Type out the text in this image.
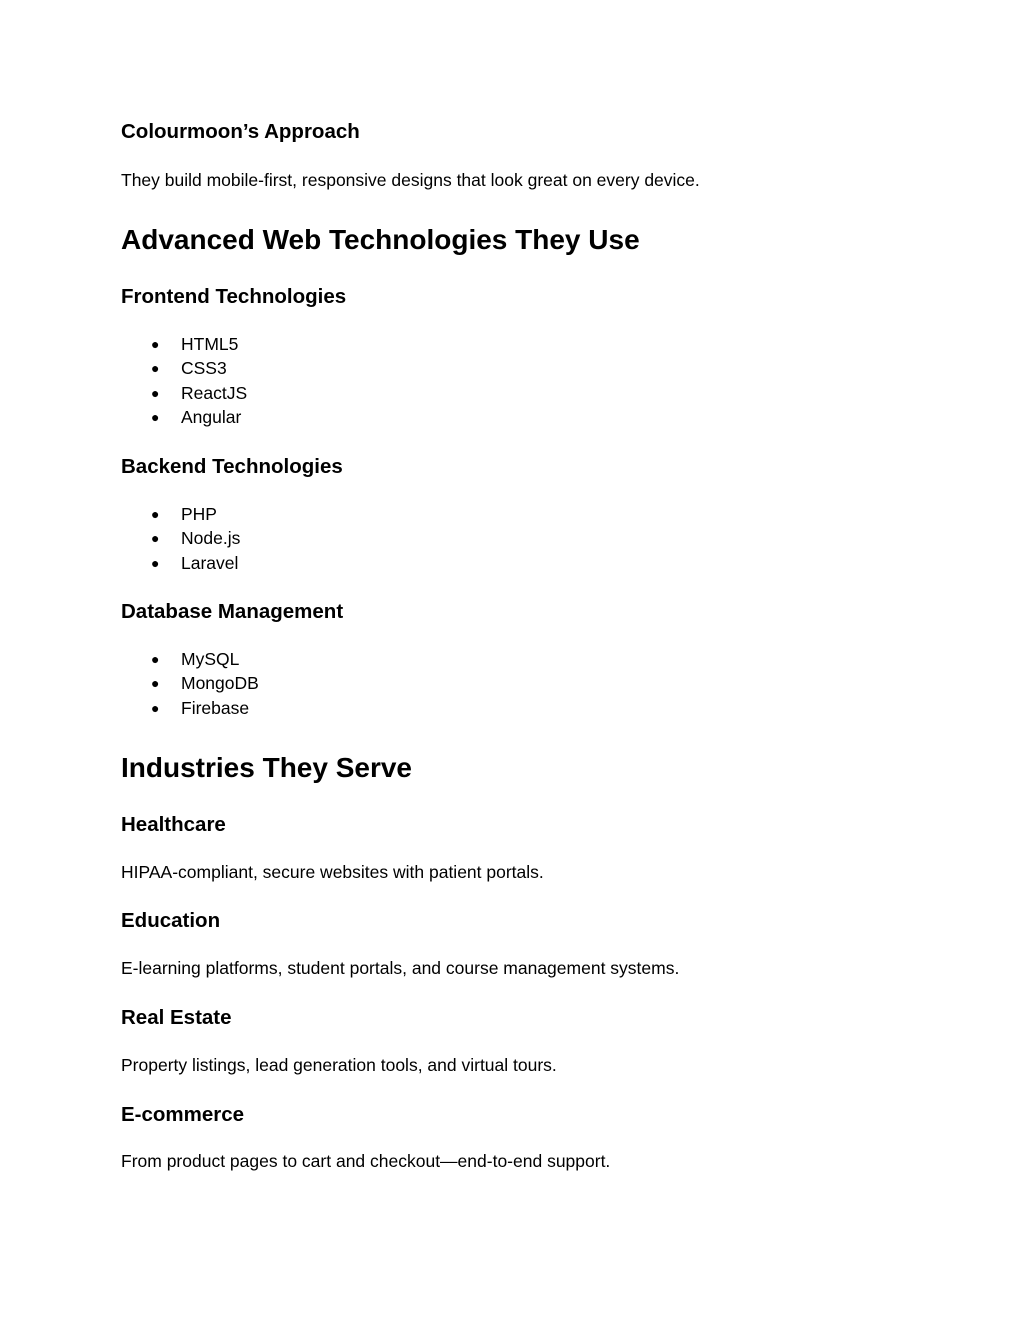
Colourmoon’s Approach

They build mobile-first, responsive designs that look great on every device.

Advanced Web Technologies They Use
Frontend Technologies
● HTML5
● CSS3
● ReactJS
● Angular
Backend Technologies
● PHP
● Node.js
● Laravel
Database Management
● MySQL
● MongoDB
● Firebase
Industries They Serve
Healthcare

HIPAA-compliant, secure websites with patient portals.

Education

E-learning platforms, student portals, and course management systems.

Real Estate

Property listings, lead generation tools, and virtual tours.

E-commerce

From product pages to cart and checkout—end-to-end support.
